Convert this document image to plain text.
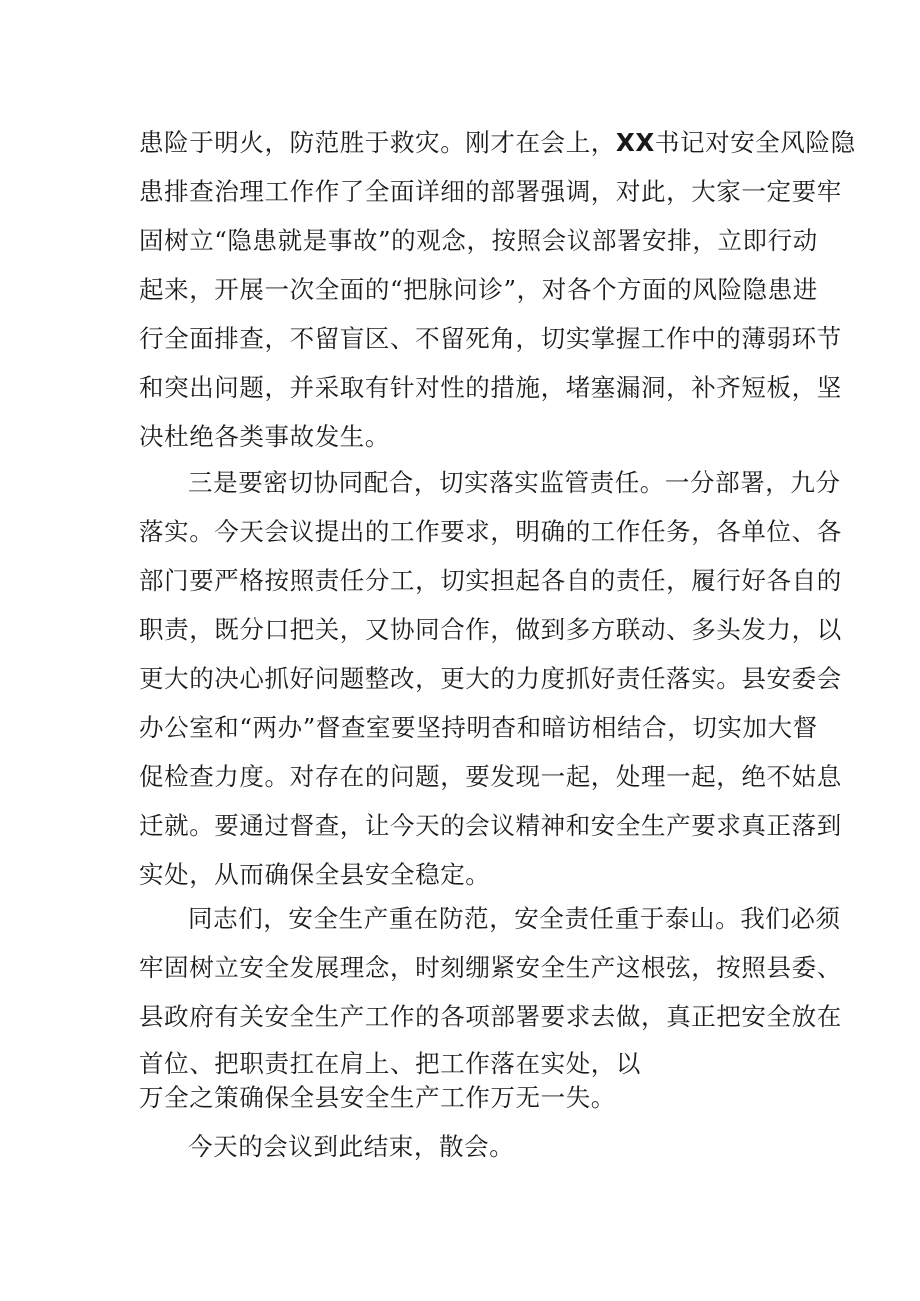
患险于明火，防范胜于救灾。刚才在会上，XX书记对安全风险隐
患排查治理工作作了全面详细的部署强调，对此，大家一定要牢
固树立“隐患就是事故”的观念，按照会议部署安排，立即行动
起来，开展一次全面的“把脉问诊”，对各个方面的风险隐患进
行全面排查，不留盲区、不留死角，切实掌握工作中的薄弱环节
和突出问题，并采取有针对性的措施，堵塞漏洞，补齐短板，坚
决杜绝各类事故发生。
三是要密切协同配合，切实落实监管责任。一分部署，九分
落实。今天会议提出的工作要求，明确的工作任务，各单位、各
部门要严格按照责任分工，切实担起各自的责任，履行好各自的
职责，既分口把关，又协同合作，做到多方联动、多头发力，以
更大的决心抓好问题整改，更大的力度抓好责任落实。县安委会
办公室和“两办”督查室要坚持明杳和暗访相结合，切实加大督
促检查力度。对存在的问题，要发现一起，处理一起，绝不姑息
迁就。要通过督查，让今天的会议精神和安全生产要求真正落到
实处，从而确保全县安全稳定。
同志们，安全生产重在防范，安全责任重于泰山。我们必须
牢固树立安全发展理念，时刻绷紧安全生产这根弦，按照县委、
县政府有关安全生产工作的各项部署要求去做，真正把安全放在
首位、把职责扛在肩上、把工作落在实处，以
万全之策确保全县安全生产工作万无一失。
今天的会议到此结束，散会。
